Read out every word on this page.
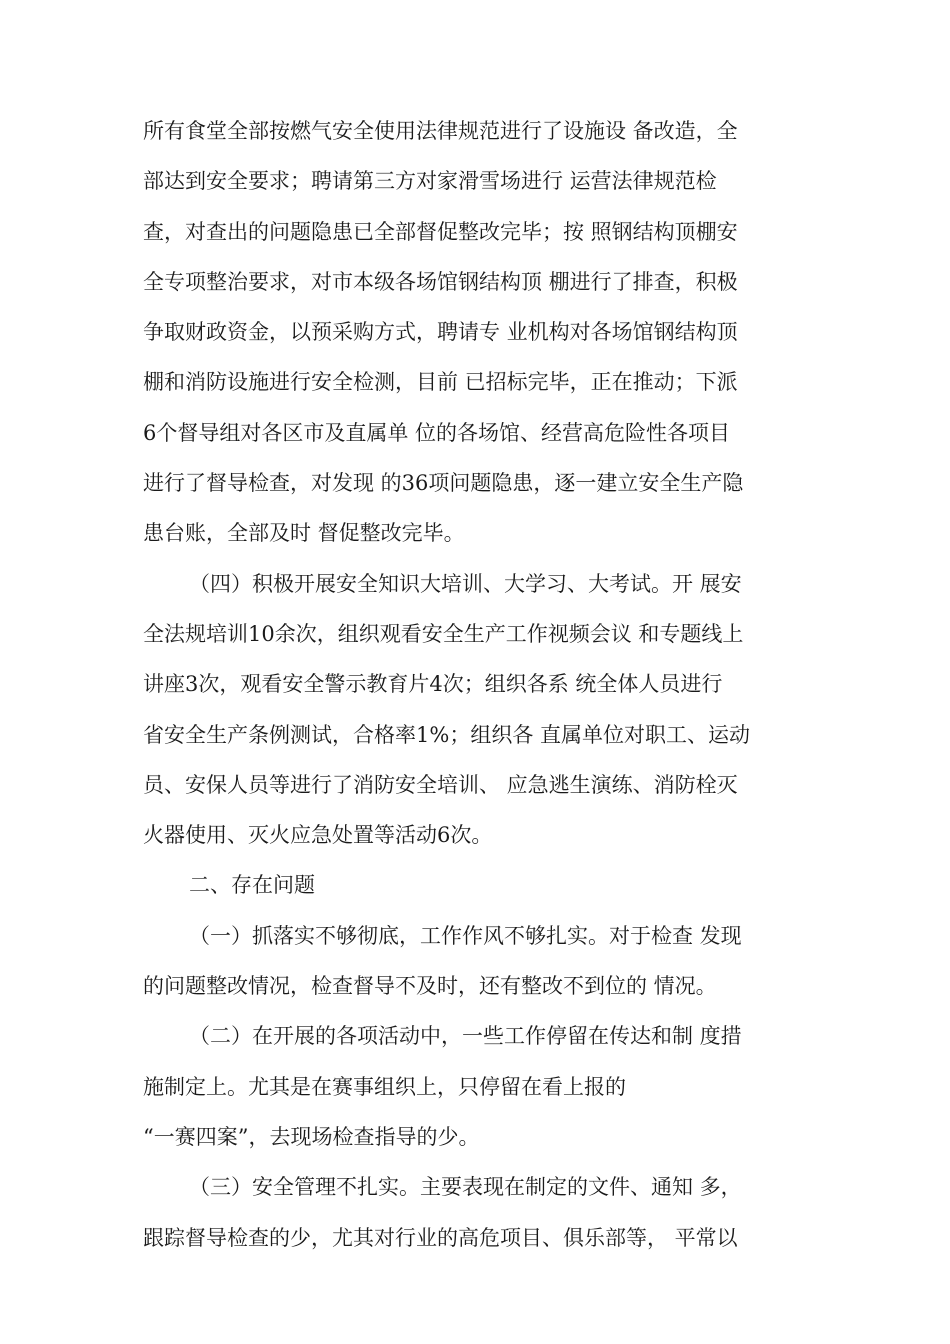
所有食堂全部按燃气安全使用法律规范进行了设施设 备改造，全
部达到安全要求；聘请第三方对家滑雪场进行 运营法律规范检
查，对查出的问题隐患已全部督促整改完毕；按 照钢结构顶棚安
全专项整治要求，对市本级各场馆钢结构顶 棚进行了排查，积极
争取财政资金，以预采购方式，聘请专 业机构对各场馆钢结构顶
棚和消防设施进行安全检测，目前 已招标完毕，正在推动；下派
6个督导组对各区市及直属单 位的各场馆、经营高危险性各项目
进行了督导检查，对发现 的36项问题隐患，逐一建立安全生产隐
患台账，全部及时 督促整改完毕。
（四）积极开展安全知识大培训、大学习、大考试。开 展安
全法规培训10余次，组织观看安全生产工作视频会议 和专题线上
讲座3次，观看安全警示教育片4次；组织各系 统全体人员进行
省安全生产条例测试，合格率1%；组织各 直属单位对职工、运动
员、安保人员等进行了消防安全培训、 应急逃生演练、消防栓灭
火器使用、灭火应急处置等活动6次。
二、存在问题
（一）抓落实不够彻底，工作作风不够扎实。对于检查 发现
的问题整改情况，检查督导不及时，还有整改不到位的 情况。
（二）在开展的各项活动中，一些工作停留在传达和制 度措
施制定上。尤其是在赛事组织上，只停留在看上报的
“一赛四案”，去现场检查指导的少。
（三）安全管理不扎实。主要表现在制定的文件、通知 多，
跟踪督导检查的少，尤其对行业的高危项目、俱乐部等， 平常以
